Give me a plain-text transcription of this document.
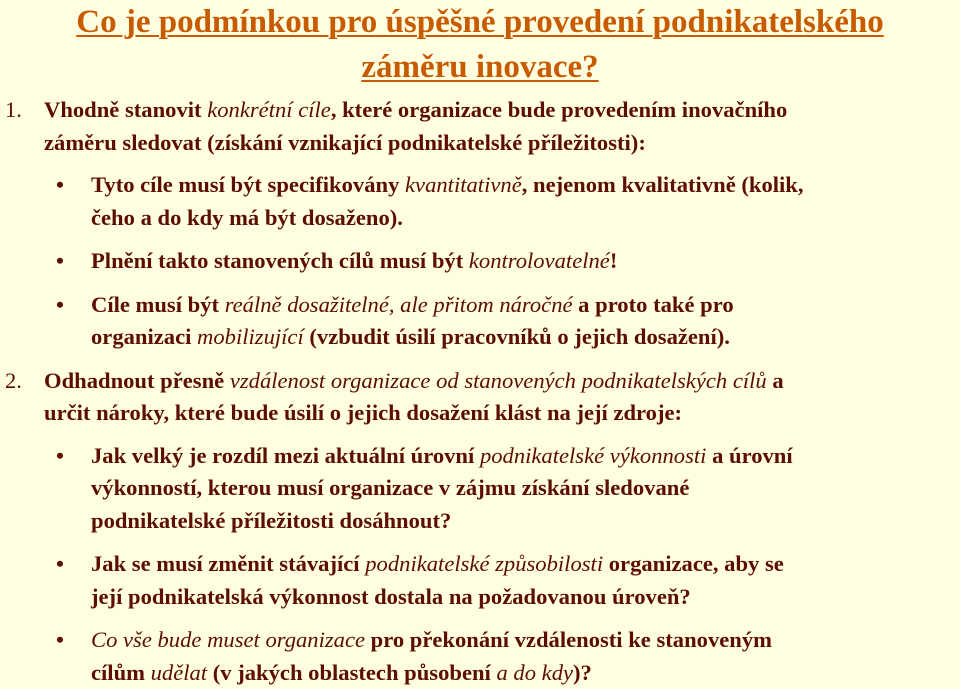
Co je podmínkou pro úspěšné provedení podnikatelského
záměru inovace?
1. Vhodně stanovit konkrétní cíle, které organizace bude provedením inovačního
záměru sledovat (získání vznikající podnikatelské příležitosti):
• Tyto cíle musí být specifikovány kvantitativně, nejenom kvalitativně (kolik,
čeho a do kdy má být dosaženo).
• Plnění takto stanovených cílů musí být kontrolovatelné!
• Cíle musí být reálně dosažitelné, ale přitom náročné a proto také pro
organizaci mobilizující (vzbudit úsilí pracovníků o jejich dosažení).
2. Odhadnout přesně vzdálenost organizace od stanovených podnikatelských cílů a
určit nároky, které bude úsilí o jejich dosažení klást na její zdroje:
• Jak velký je rozdíl mezi aktuální úrovní podnikatelské výkonnosti a úrovní
výkonností, kterou musí organizace v zájmu získání sledované
podnikatelské příležitosti dosáhnout?
• Jak se musí změnit stávající podnikatelské způsobilosti organizace, aby se
její podnikatelská výkonnost dostala na požadovanou úroveň?
• Co vše bude muset organizace pro překonání vzdálenosti ke stanoveným
cílům udělat (v jakých oblastech působení a do kdy)?
